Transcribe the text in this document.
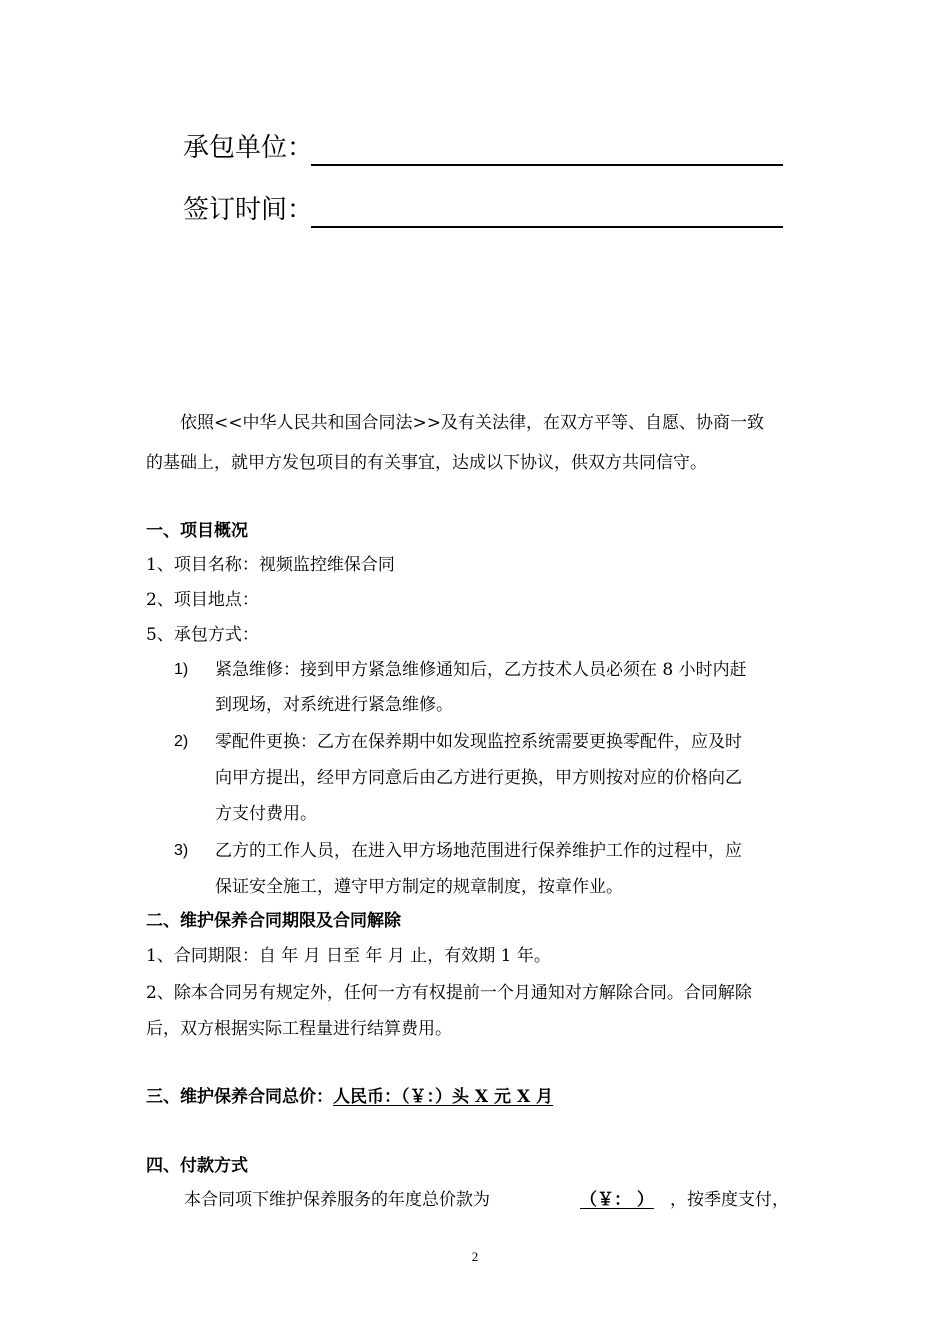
承包单位：
签订时间：
依照<<中华人民共和国合同法>>及有关法律，在双方平等、自愿、协商一致
的基础上，就甲方发包项目的有关事宜，达成以下协议，供双方共同信守。
一、项目概况
1、项目名称：视频监控维保合同
2、项目地点：
5、承包方式：
1) 紧急维修：接到甲方紧急维修通知后，乙方技术人员必须在 8 小时内赶
到现场，对系统进行紧急维修。
2) 零配件更换：乙方在保养期中如发现监控系统需要更换零配件，应及时
向甲方提出，经甲方同意后由乙方进行更换，甲方则按对应的价格向乙
方支付费用。
3) 乙方的工作人员，在进入甲方场地范围进行保养维护工作的过程中，应
保证安全施工，遵守甲方制定的规章制度，按章作业。
二、维护保养合同期限及合同解除
1、合同期限：自 年 月 日至 年 月 止，有效期 1 年。
2、除本合同另有规定外，任何一方有权提前一个月通知对方解除合同。合同解除
后，双方根据实际工程量进行结算费用。
三、维护保养合同总价：人民币：（￥：）头 X 元 X 月
四、付款方式
本合同项下维护保养服务的年度总价款为	（￥： ） ，按季度支付，
2
